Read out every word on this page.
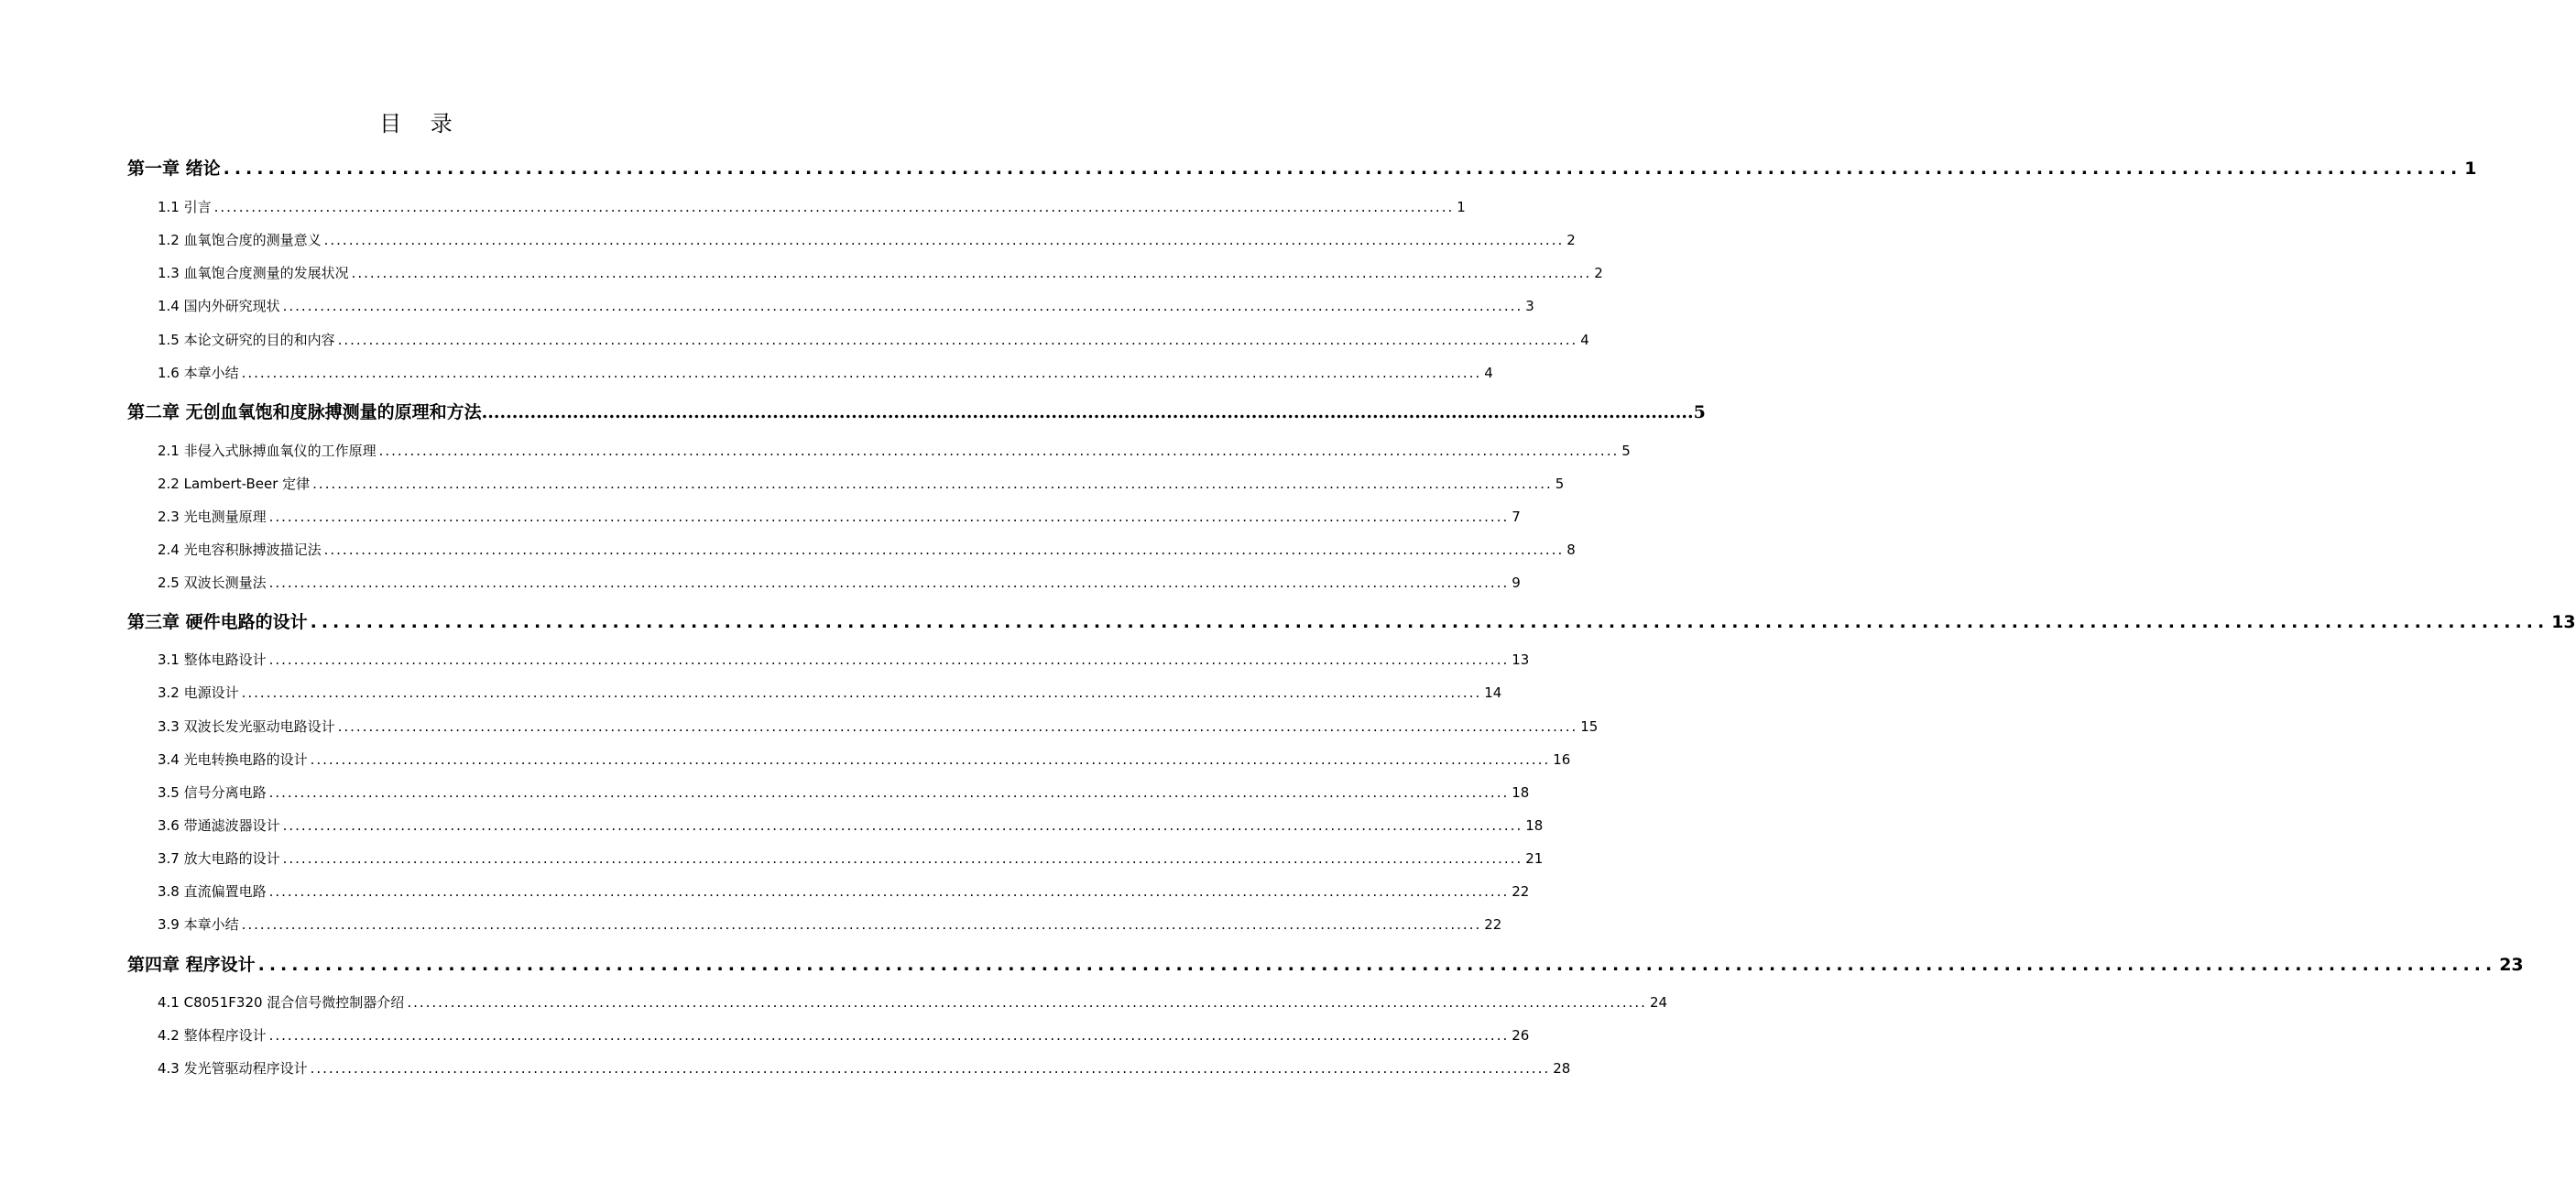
目 录
第一章 绪论 ........................................................................................................................................................................................................ 1
1.1 引言 ........................................................................................................................................................................................................ 1
1.2 血氧饱合度的测量意义 ........................................................................................................................................................................................................ 2
1.3 血氧饱合度测量的发展状况 ........................................................................................................................................................................................................ 2
1.4 国内外研究现状 ........................................................................................................................................................................................................ 3
1.5 本论文研究的目的和内容 ........................................................................................................................................................................................................ 4
1.6 本章小结 ........................................................................................................................................................................................................ 4
第二章 无创血氧饱和度脉搏测量的原理和方法 ........................................................................................................................................................................................................ 5
2.1 非侵入式脉搏血氧仪的工作原理 ........................................................................................................................................................................................................ 5
2.2 Lambert-Beer 定律 ........................................................................................................................................................................................................ 5
2.3 光电测量原理 ........................................................................................................................................................................................................ 7
2.4 光电容积脉搏波描记法 ........................................................................................................................................................................................................ 8
2.5 双波长测量法 ........................................................................................................................................................................................................ 9
第三章 硬件电路的设计 ........................................................................................................................................................................................................ 13
3.1 整体电路设计 ........................................................................................................................................................................................................ 13
3.2 电源设计 ........................................................................................................................................................................................................ 14
3.3 双波长发光驱动电路设计 ........................................................................................................................................................................................................ 15
3.4 光电转换电路的设计 ........................................................................................................................................................................................................ 16
3.5 信号分离电路 ........................................................................................................................................................................................................ 18
3.6 带通滤波器设计 ........................................................................................................................................................................................................ 18
3.7 放大电路的设计 ........................................................................................................................................................................................................ 21
3.8 直流偏置电路 ........................................................................................................................................................................................................ 22
3.9 本章小结 ........................................................................................................................................................................................................ 22
第四章 程序设计 ........................................................................................................................................................................................................ 23
4.1 C8051F320 混合信号微控制器介绍 ........................................................................................................................................................................................................ 24
4.2 整体程序设计 ........................................................................................................................................................................................................ 26
4.3 发光管驱动程序设计 ........................................................................................................................................................................................................ 28
